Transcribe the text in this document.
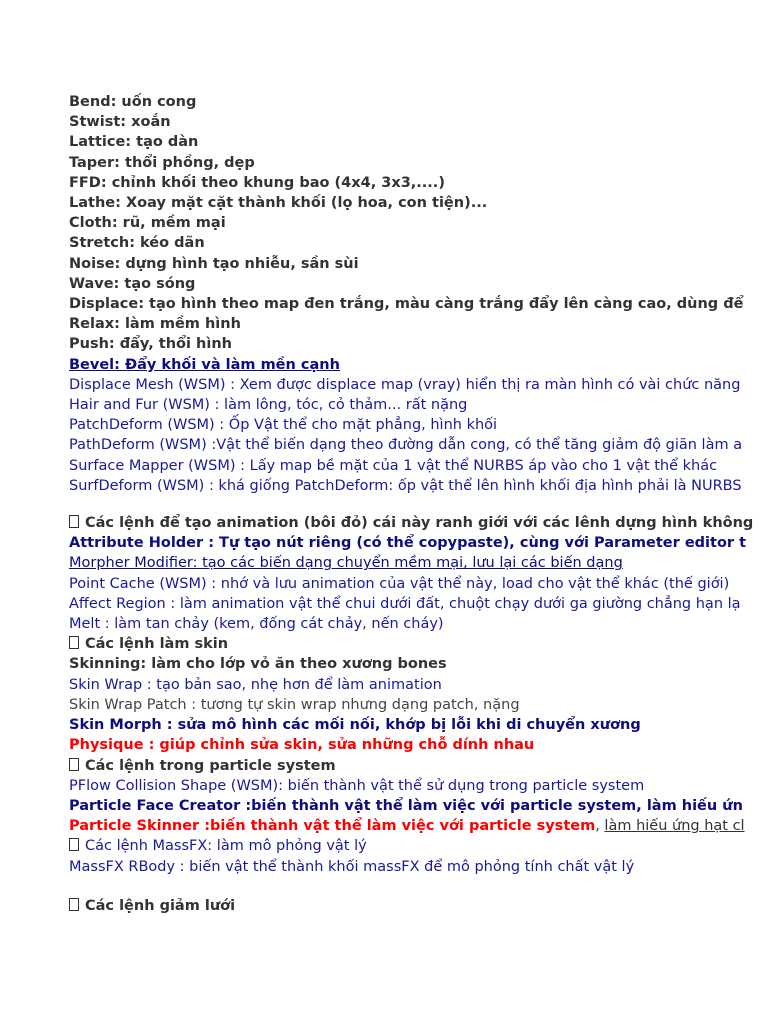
Bend: uốn cong
Stwist: xoắn
Lattice: tạo dàn
Taper: thổi phồng, dẹp
FFD: chỉnh khối theo khung bao (4x4, 3x3,....)
Lathe: Xoay mặt cặt thành khối (lọ hoa, con tiện)...
Cloth: rũ, mềm mại
Stretch: kéo dãn
Noise: dựng hình tạo nhiễu, sần sùi
Wave: tạo sóng
Displace: tạo hình theo map đen trắng, màu càng trắng đẩy lên càng cao, dùng để
Relax: làm mềm hình
Push: đẩy, thổi hình
Bevel: Đẩy khối và làm mền cạnh
Displace Mesh (WSM) : Xem được displace map (vray) hiển thị ra màn hình có vài chức năng
Hair and Fur (WSM) : làm lông, tóc, cỏ thảm... rất nặng
PatchDeform (WSM) : Ốp Vật thể cho mặt phẳng, hình khối
PathDeform (WSM) :Vật thể biến dạng theo đường dẫn cong, có thể tăng giảm độ giãn làm a
Surface Mapper (WSM) : Lấy map bề mặt của 1 vật thể NURBS áp vào cho 1 vật thể khác
SurfDeform (WSM) : khá giống PatchDeform: ốp vật thể lên hình khối địa hình phải là NURBS
Các lệnh để tạo animation (bôi đỏ) cái này ranh giới với các lênh dựng hình không
Attribute Holder : Tự tạo nút riêng (có thể copypaste), cùng với Parameter editor t
Morpher Modifier: tạo các biến dạng chuyển mềm mại, lưu lại các biến dạng
Point Cache (WSM) : nhớ và lưu animation của vật thể này, load cho vật thể khác (thế giới)
Affect Region : làm animation vật thể chui dưới đất, chuột chạy dưới ga giường chẳng hạn lạ
Melt : làm tan chảy (kem, đống cát chảy, nến cháy)
Các lệnh làm skin
Skinning: làm cho lớp vỏ ăn theo xương bones
Skin Wrap : tạo bản sao, nhẹ hơn để làm animation
Skin Wrap Patch : tương tự skin wrap nhưng dạng patch, nặng
Skin Morph : sửa mô hình các mối nối, khớp bị lỗi khi di chuyển xương
Physique : giúp chỉnh sửa skin, sửa những chỗ dính nhau
Các lệnh trong particle system
PFlow Collision Shape (WSM): biến thành vật thể sử dụng trong particle system
Particle Face Creator :biến thành vật thể làm việc với particle system, làm hiếu ứn
Particle Skinner :biến thành vật thể làm việc với particle system, làm hiếu ứng hạt cl
Các lệnh MassFX: làm mô phỏng vật lý
MassFX RBody : biến vật thể thành khối massFX để mô phỏng tính chất vật lý
Các lệnh giảm lưới
